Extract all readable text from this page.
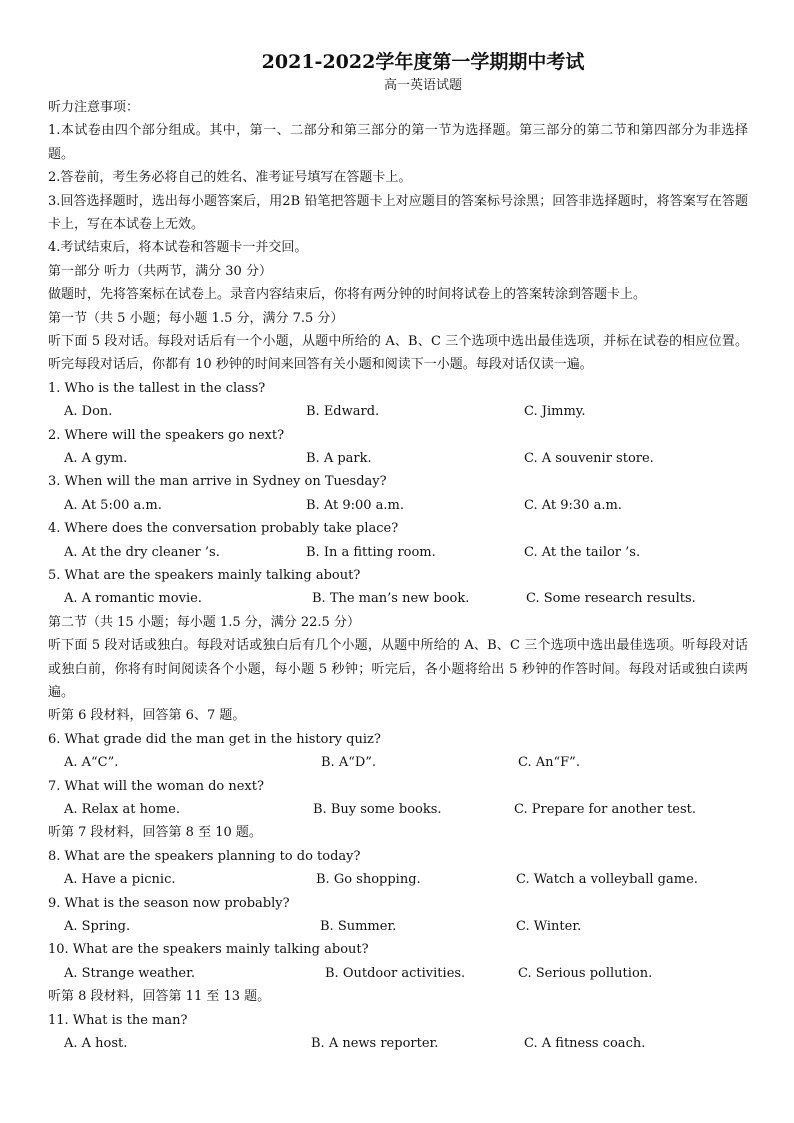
2021-2022学年度第一学期期中考试
高一英语试题
听力注意事项：
1.本试卷由四个部分组成。其中，第一、二部分和第三部分的第一节为选择题。第三部分的第二节和第四部分为非选择题。
2.答卷前，考生务必将自己的姓名、准考证号填写在答题卡上。
3.回答选择题时，选出每小题答案后，用2B 铅笔把答题卡上对应题目的答案标号涂黑；回答非选择题时，将答案写在答题卡上，写在本试卷上无效。
4.考试结束后，将本试卷和答题卡一并交回。
第一部分 听力（共两节，满分 30 分）
做题时，先将答案标在试卷上。录音内容结束后，你将有两分钟的时间将试卷上的答案转涂到答题卡上。
第一节（共 5 小题；每小题 1.5 分，满分 7.5 分）
听下面 5 段对话。每段对话后有一个小题，从题中所给的 A、B、C 三个选项中选出最佳选项，并标在试卷的相应位置。听完每段对话后，你都有 10 秒钟的时间来回答有关小题和阅读下一小题。每段对话仅读一遍。
1. Who is the tallest in the class?
A. Don.	B. Edward.	C. Jimmy.
2. Where will the speakers go next?
A. A gym.	B. A park.	C. A souvenir store.
3. When will the man arrive in Sydney on Tuesday?
A. At 5:00 a.m.	B. At 9:00 a.m.	C. At 9:30 a.m.
4. Where does the conversation probably take place?
A. At the dry cleaner ’s.	B. In a fitting room.	C. At the tailor ’s.
5. What are the speakers mainly talking about?
A. A romantic movie.	B. The man’s new book.	C. Some research results.
第二节（共 15 小题；每小题 1.5 分，满分 22.5 分）
听下面 5 段对话或独白。每段对话或独白后有几个小题，从题中所给的 A、B、C 三个选项中选出最佳选项。听每段对话或独白前，你将有时间阅读各个小题，每小题 5 秒钟；听完后，各小题将给出 5 秒钟的作答时间。每段对话或独白读两遍。
听第 6 段材料，回答第 6、7 题。
6. What grade did the man get in the history quiz?
A. A“C”.	B. A“D”.	C. An“F”.
7. What will the woman do next?
A. Relax at home.	B. Buy some books.	C. Prepare for another test.
听第 7 段材料，回答第 8 至 10 题。
8. What are the speakers planning to do today?
A. Have a picnic.	B. Go shopping.	C. Watch a volleyball game.
9. What is the season now probably?
A. Spring.	B. Summer.	C. Winter.
10. What are the speakers mainly talking about?
A. Strange weather.	B. Outdoor activities.	C. Serious pollution.
听第 8 段材料，回答第 11 至 13 题。
11. What is the man?
A. A host.	B. A news reporter.	C. A fitness coach.
